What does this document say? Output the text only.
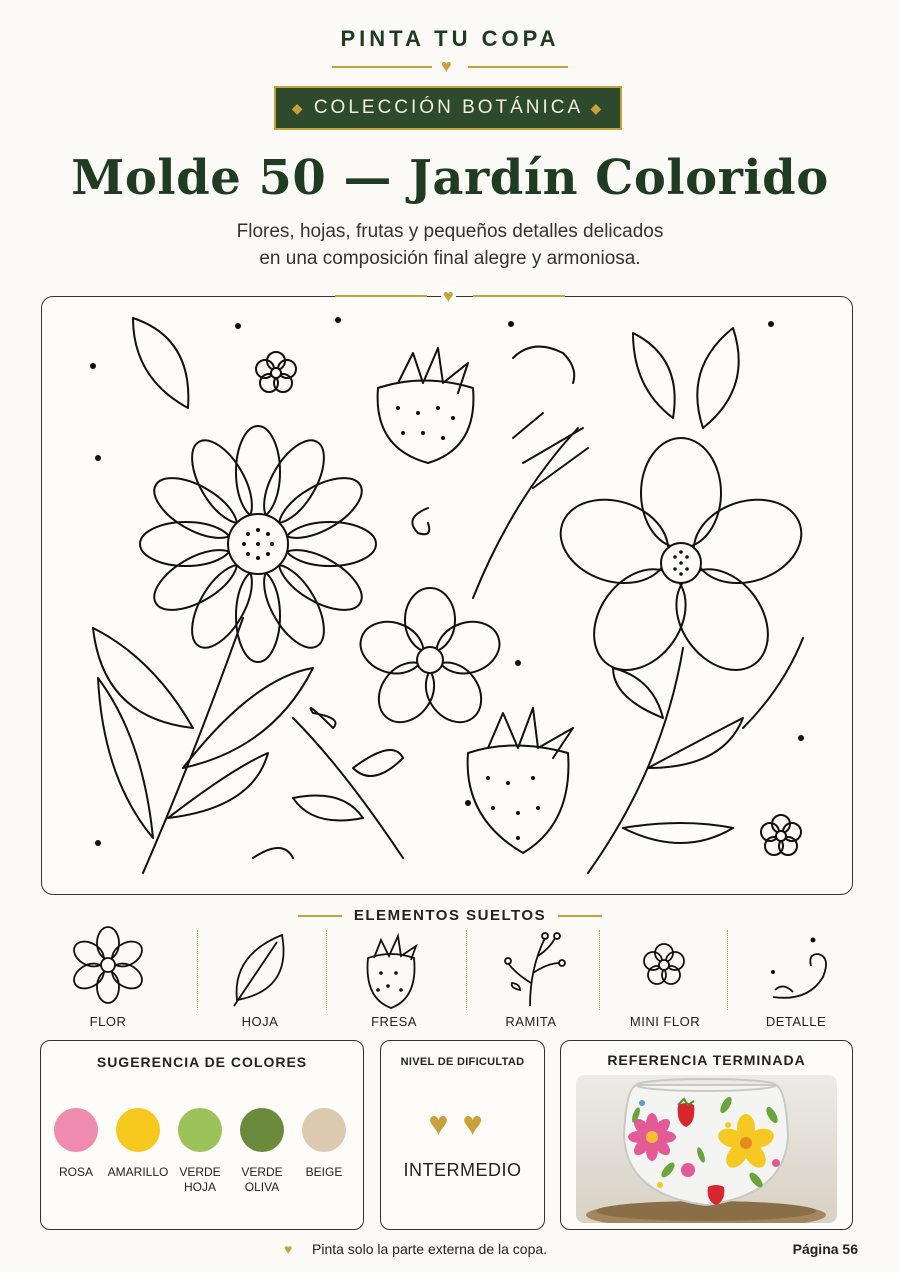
PINTA TU COPA
♥
◆ COLECCIÓN BOTÁNICA ◆
Molde 50 — Jardín Colorido
Flores, hojas, frutas y pequeños detalles delicados
en una composición final alegre y armoniosa.
♥
ELEMENTOS SUELTOS
FLOR	HOJA	FRESA	RAMITA	MINI FLOR	DETALLE
SUGERENCIA DE COLORES
ROSA	AMARILLO VERDE
HOJA
VERDE
OLIVA
BEIGE
NIVEL DE DIFICULTAD
♥♥
INTERMEDIO
REFERENCIA TERMINADA
♥ Pinta solo la parte externa de la copa.	Página 56
